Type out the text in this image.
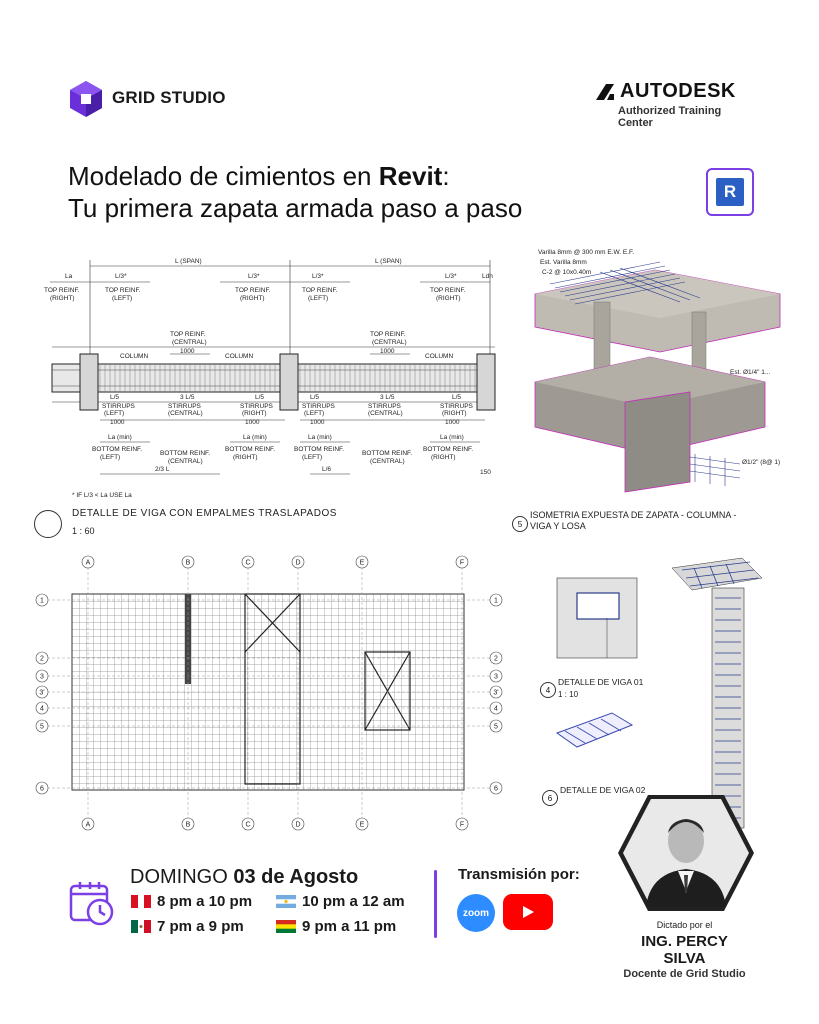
GRID STUDIO	AUTODESK
Authorized Training Center
Modelado de cimientos en Revit:
Tu primera zapata armada paso a paso
R
L (SPAN)	L (SPAN)
La	L/3*	L/3*	L/3*	L/3*	Ldh
TOP REINF.
(RIGHT)
TOP REINF.
(LEFT)
TOP REINF.
(RIGHT)
TOP REINF.
(LEFT)
TOP REINF.
(RIGHT)
TOP REINF.
(CENTRAL)
1000
TOP REINF.
(CENTRAL)
1000
COLUMN	COLUMN	COLUMN
L/5	3 L/5	L/5	L/5	3 L/5	L/5
STIRRUPS
(LEFT)
STIRRUPS
(CENTRAL)
STIRRUPS
(RIGHT)
STIRRUPS
(LEFT)
STIRRUPS
(CENTRAL)
STIRRUPS
(RIGHT)
1000	1000	1000	1000
La (min)	La (min)	La (min)	La (min)
BOTTOM REINF.
(LEFT)
BOTTOM REINF.
(CENTRAL)
BOTTOM REINF.
(RIGHT)
BOTTOM REINF.
(LEFT)
BOTTOM REINF.
(CENTRAL)
BOTTOM REINF.
(RIGHT)
2/3 L	L/6	150
* IF L/3 < La USE La
DETALLE DE VIGA CON EMPALMES TRASLAPADOS
1 : 60
Varilla 8mm @ 300 mm E.W. E.F.
Est. Varilla 8mm
C-2 @ 10x0.40m
Est. Ø1/4" 1...
Ø1/2" (8@ 1)
5
ISOMETRIA EXPUESTA DE ZAPATA - COLUMNA - VIGA Y LOSA
A
A
B
B
C
C
D
D
E
E
F
F
1	1
2	2
3	3
3'	3'
4	4
5	5
6	6
4
DETALLE DE VIGA 01
1 : 10
6
DETALLE DE VIGA 02
DOMINGO 03 de Agosto
8 pm a 10 pm	10 pm a 12 am
7 pm a 9 pm	9 pm a 11 pm
Transmisión por:
zoom
Dictado por el
ING. PERCY
SILVA
Docente de Grid Studio
